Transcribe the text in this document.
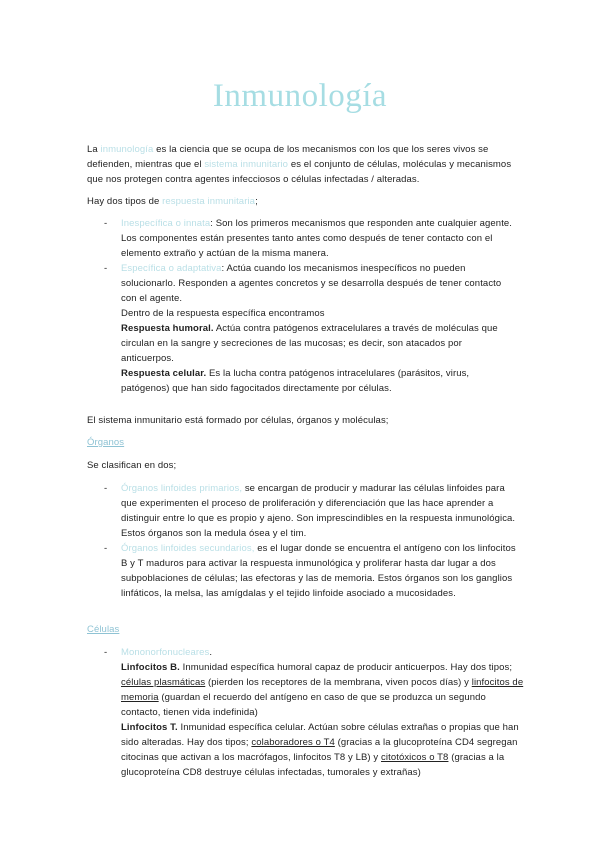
Inmunología
La inmunología es la ciencia que se ocupa de los mecanismos con los que los seres vivos se defienden, mientras que el sistema inmunitario es el conjunto de células, moléculas y mecanismos que nos protegen contra agentes infecciosos o células infectadas / alteradas.
Hay dos tipos de respuesta inmunitaria;
- Inespecífica o innata: Son los primeros mecanismos que responden ante cualquier agente. Los componentes están presentes tanto antes como después de tener contacto con el elemento extraño y actúan de la misma manera.
- Específica o adaptativa: Actúa cuando los mecanismos inespecíficos no pueden solucionarlo. Responden a agentes concretos y se desarrolla después de tener contacto con el agente.

Dentro de la respuesta específica encontramos

Respuesta humoral. Actúa contra patógenos extracelulares a través de moléculas que circulan en la sangre y secreciones de las mucosas; es decir, son atacados por anticuerpos.

Respuesta celular. Es la lucha contra patógenos intracelulares (parásitos, virus, patógenos) que han sido fagocitados directamente por células.

El sistema inmunitario está formado por células, órganos y moléculas;
Órganos
Se clasifican en dos;
- Órganos linfoides primarios, se encargan de producir y madurar las células linfoides para que experimenten el proceso de proliferación y diferenciación que las hace aprender a distinguir entre lo que es propio y ajeno. Son imprescindibles en la respuesta inmunológica. Estos órganos son la medula ósea y el tim.
- Órganos linfoides secundarios, es el lugar donde se encuentra el antígeno con los linfocitos B y T maduros para activar la respuesta inmunológica y proliferar hasta dar lugar a dos subpoblaciones de células; las efectoras y las de memoria. Estos órganos son los ganglios linfáticos, la melsa, las amígdalas y el tejido linfoide asociado a mucosidades.
Células
- Mononorfonucleares.

Linfocitos B. Inmunidad específica humoral capaz de producir anticuerpos. Hay dos tipos; células plasmáticas (pierden los receptores de la membrana, viven pocos días) y linfocitos de memoria (guardan el recuerdo del antígeno en caso de que se produzca un segundo contacto, tienen vida indefinida)

Linfocitos T. Inmunidad específica celular. Actúan sobre células extrañas o propias que han sido alteradas. Hay dos tipos; colaboradores o T4 (gracias a la glucoproteína CD4 segregan citocinas que activan a los macrófagos, linfocitos T8 y LB) y citotóxicos o T8 (gracias a la glucoproteína CD8 destruye células infectadas, tumorales y extrañas)
